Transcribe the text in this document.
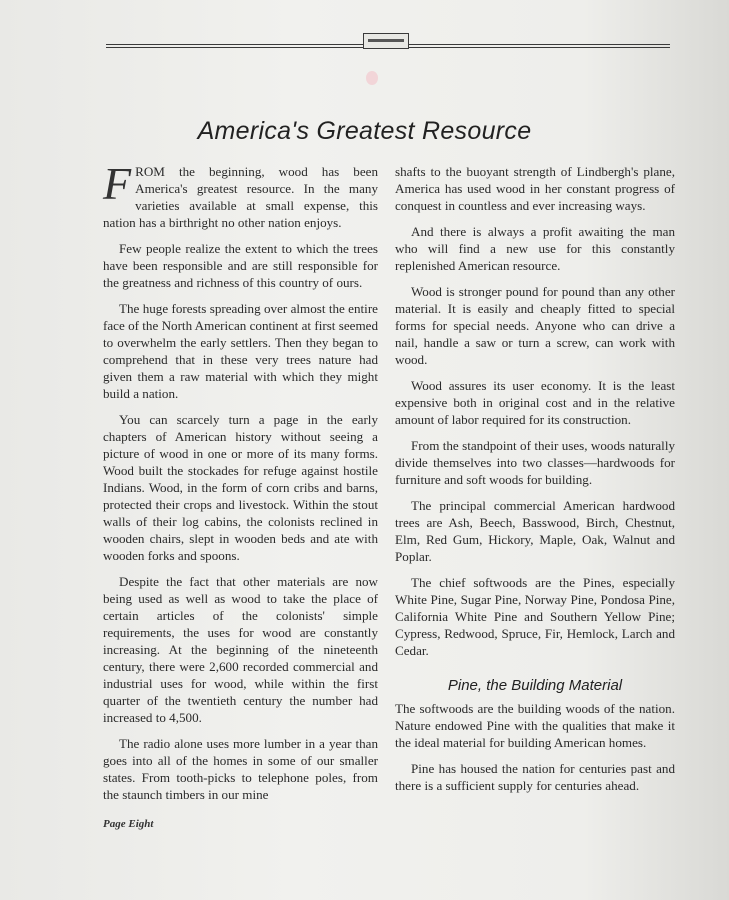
America's Greatest Resource

FROM the beginning, wood has been America's greatest resource. In the many varieties available at small expense, this nation has a birthright no other nation enjoys.

Few people realize the extent to which the trees have been responsible and are still responsible for the greatness and richness of this country of ours.

The huge forests spreading over almost the entire face of the North American continent at first seemed to overwhelm the early settlers. Then they began to comprehend that in these very trees nature had given them a raw material with which they might build a nation.

You can scarcely turn a page in the early chapters of American history without seeing a picture of wood in one or more of its many forms. Wood built the stockades for refuge against hostile Indians. Wood, in the form of corn cribs and barns, protected their crops and livestock. Within the stout walls of their log cabins, the colonists reclined in wooden chairs, slept in wooden beds and ate with wooden forks and spoons.

Despite the fact that other materials are now being used as well as wood to take the place of certain articles of the colonists' simple requirements, the uses for wood are constantly increasing. At the beginning of the nineteenth century, there were 2,600 recorded commercial and industrial uses for wood, while within the first quarter of the twentieth century the number had increased to 4,500.

The radio alone uses more lumber in a year than goes into all of the homes in some of our smaller states. From tooth-picks to telephone poles, from the staunch timbers in our mine

shafts to the buoyant strength of Lindbergh's plane, America has used wood in her constant progress of conquest in countless and ever increasing ways.

And there is always a profit awaiting the man who will find a new use for this constantly replenished American resource.

Wood is stronger pound for pound than any other material. It is easily and cheaply fitted to special forms for special needs. Anyone who can drive a nail, handle a saw or turn a screw, can work with wood.

Wood assures its user economy. It is the least expensive both in original cost and in the relative amount of labor required for its construction.

From the standpoint of their uses, woods naturally divide themselves into two classes—hardwoods for furniture and soft woods for building.

The principal commercial American hardwood trees are Ash, Beech, Basswood, Birch, Chestnut, Elm, Red Gum, Hickory, Maple, Oak, Walnut and Poplar.

The chief softwoods are the Pines, especially White Pine, Sugar Pine, Norway Pine, Pondosa Pine, California White Pine and Southern Yellow Pine; Cypress, Redwood, Spruce, Fir, Hemlock, Larch and Cedar.

Pine, the Building Material

The softwoods are the building woods of the nation. Nature endowed Pine with the qualities that make it the ideal material for building American homes.

Pine has housed the nation for centuries past and there is a sufficient supply for centuries ahead.

Page Eight
